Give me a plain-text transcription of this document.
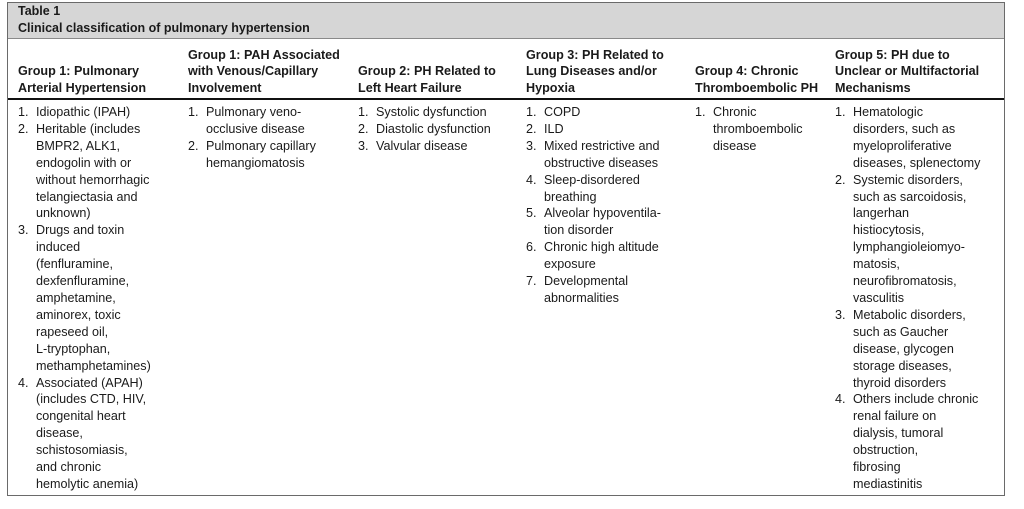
Table 1
Clinical classification of pulmonary hypertension
Group 1: Pulmonary
Arterial Hypertension
1. Idiopathic (IPAH)
2. Heritable (includes
BMPR2, ALK1,
endogolin with or
without hemorrhagic
telangiectasia and
unknown)
3. Drugs and toxin
induced
(fenfluramine,
dexfenfluramine,
amphetamine,
aminorex, toxic
rapeseed oil,
L-tryptophan,
methamphetamines)
4. Associated (APAH)
(includes CTD, HIV,
congenital heart
disease,
schistosomiasis,
and chronic
hemolytic anemia)
Group 1: PAH Associated
with Venous/Capillary
Involvement
1. Pulmonary veno-
occlusive disease
2. Pulmonary capillary
hemangiomatosis
Group 2: PH Related to
Left Heart Failure
1. Systolic dysfunction
2. Diastolic dysfunction
3. Valvular disease
Group 3: PH Related to
Lung Diseases and/or
Hypoxia
1. COPD
2. ILD
3. Mixed restrictive and
obstructive diseases
4. Sleep-disordered
breathing
5. Alveolar hypoventila-
tion disorder
6. Chronic high altitude
exposure
7. Developmental
abnormalities
Group 4: Chronic
Thromboembolic PH
1. Chronic
thromboembolic
disease
Group 5: PH due to
Unclear or Multifactorial
Mechanisms
1. Hematologic
disorders, such as
myeloproliferative
diseases, splenectomy
2. Systemic disorders,
such as sarcoidosis,
langerhan
histiocytosis,
lymphangioleiomyo-
matosis,
neurofibromatosis,
vasculitis
3. Metabolic disorders,
such as Gaucher
disease, glycogen
storage diseases,
thyroid disorders
4. Others include chronic
renal failure on
dialysis, tumoral
obstruction,
fibrosing
mediastinitis
